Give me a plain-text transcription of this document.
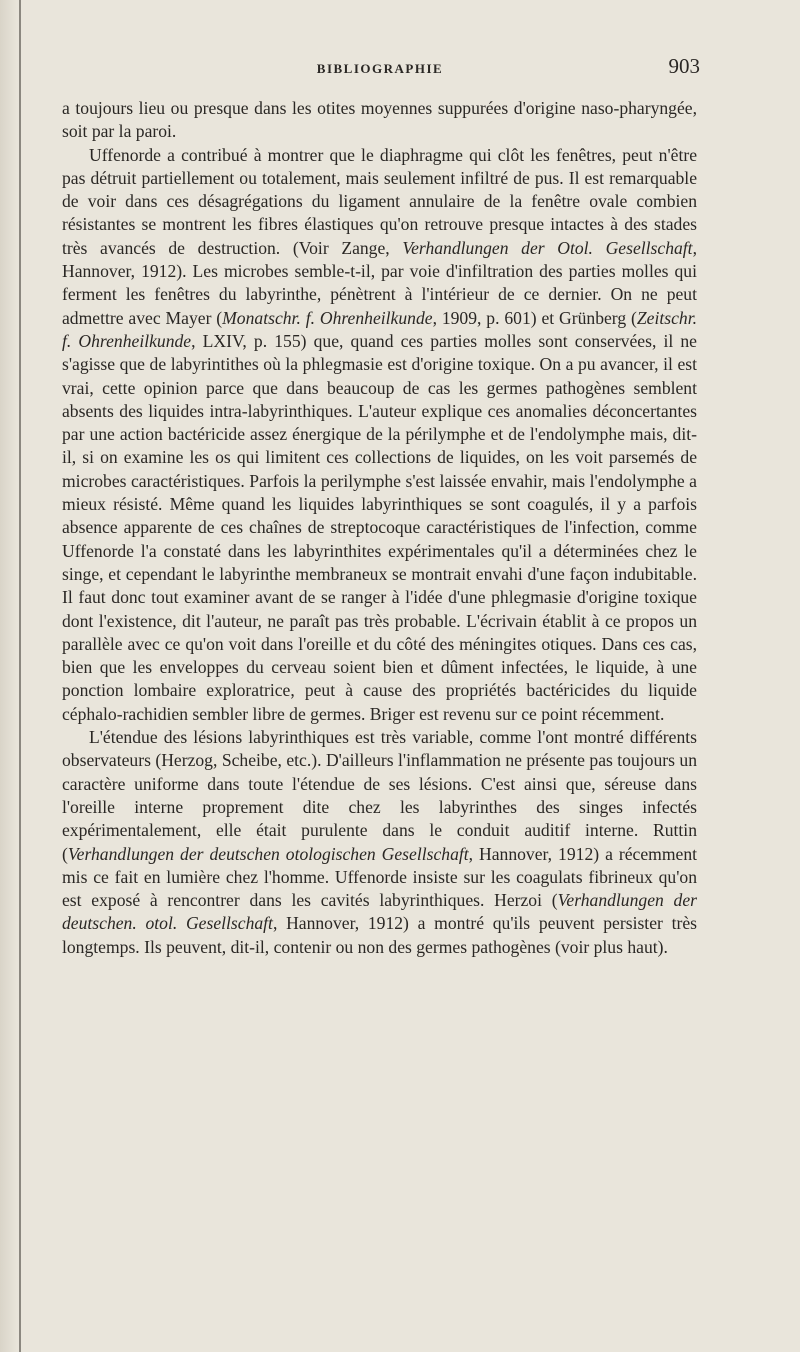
BIBLIOGRAPHIE	903

a toujours lieu ou presque dans les otites moyennes suppurées d'origine naso-pharyngée, soit par la paroi.

Uffenorde a contribué à montrer que le diaphragme qui clôt les fenêtres, peut n'être pas détruit partiellement ou totalement, mais seulement infiltré de pus. Il est remarquable de voir dans ces désagrégations du ligament annulaire de la fenêtre ovale combien résistantes se montrent les fibres élastiques qu'on retrouve presque intactes à des stades très avancés de destruction. (Voir Zange, Verhandlungen der Otol. Gesellschaft, Hannover, 1912). Les microbes semble-t-il, par voie d'infiltration des parties molles qui ferment les fenêtres du labyrinthe, pénètrent à l'intérieur de ce dernier. On ne peut admettre avec Mayer (Monatschr. f. Ohrenheilkunde, 1909, p. 601) et Grünberg (Zeitschr. f. Ohrenheilkunde, LXIV, p. 155) que, quand ces parties molles sont conservées, il ne s'agisse que de labyrintithes où la phlegmasie est d'origine toxique. On a pu avancer, il est vrai, cette opinion parce que dans beaucoup de cas les germes pathogènes semblent absents des liquides intra-labyrinthiques. L'auteur explique ces anomalies déconcertantes par une action bactéricide assez énergique de la périlymphe et de l'endolymphe mais, dit-il, si on examine les os qui limitent ces collections de liquides, on les voit parsemés de microbes caractéristiques. Parfois la perilymphe s'est laissée envahir, mais l'endolymphe a mieux résisté. Même quand les liquides labyrinthiques se sont coagulés, il y a parfois absence apparente de ces chaînes de streptocoque caractéristiques de l'infection, comme Uffenorde l'a constaté dans les labyrinthites expérimentales qu'il a déterminées chez le singe, et cependant le labyrinthe membraneux se montrait envahi d'une façon indubitable. Il faut donc tout examiner avant de se ranger à l'idée d'une phlegmasie d'origine toxique dont l'existence, dit l'auteur, ne paraît pas très probable. L'écrivain établit à ce propos un parallèle avec ce qu'on voit dans l'oreille et du côté des méningites otiques. Dans ces cas, bien que les enveloppes du cerveau soient bien et dûment infectées, le liquide, à une ponction lombaire exploratrice, peut à cause des propriétés bactéricides du liquide céphalo-rachidien sembler libre de germes. Briger est revenu sur ce point récemment.

L'étendue des lésions labyrinthiques est très variable, comme l'ont montré différents observateurs (Herzog, Scheibe, etc.). D'ailleurs l'inflammation ne présente pas toujours un caractère uniforme dans toute l'étendue de ses lésions. C'est ainsi que, séreuse dans l'oreille interne proprement dite chez les labyrinthes des singes infectés expérimentalement, elle était purulente dans le conduit auditif interne. Ruttin (Verhandlungen der deutschen otologischen Gesellschaft, Hannover, 1912) a récemment mis ce fait en lumière chez l'homme. Uffenorde insiste sur les coagulats fibrineux qu'on est exposé à rencontrer dans les cavités labyrinthiques. Herzoi (Verhandlungen der deutschen. otol. Gesellschaft, Hannover, 1912) a montré qu'ils peuvent persister très longtemps. Ils peuvent, dit-il, contenir ou non des germes pathogènes (voir plus haut).
